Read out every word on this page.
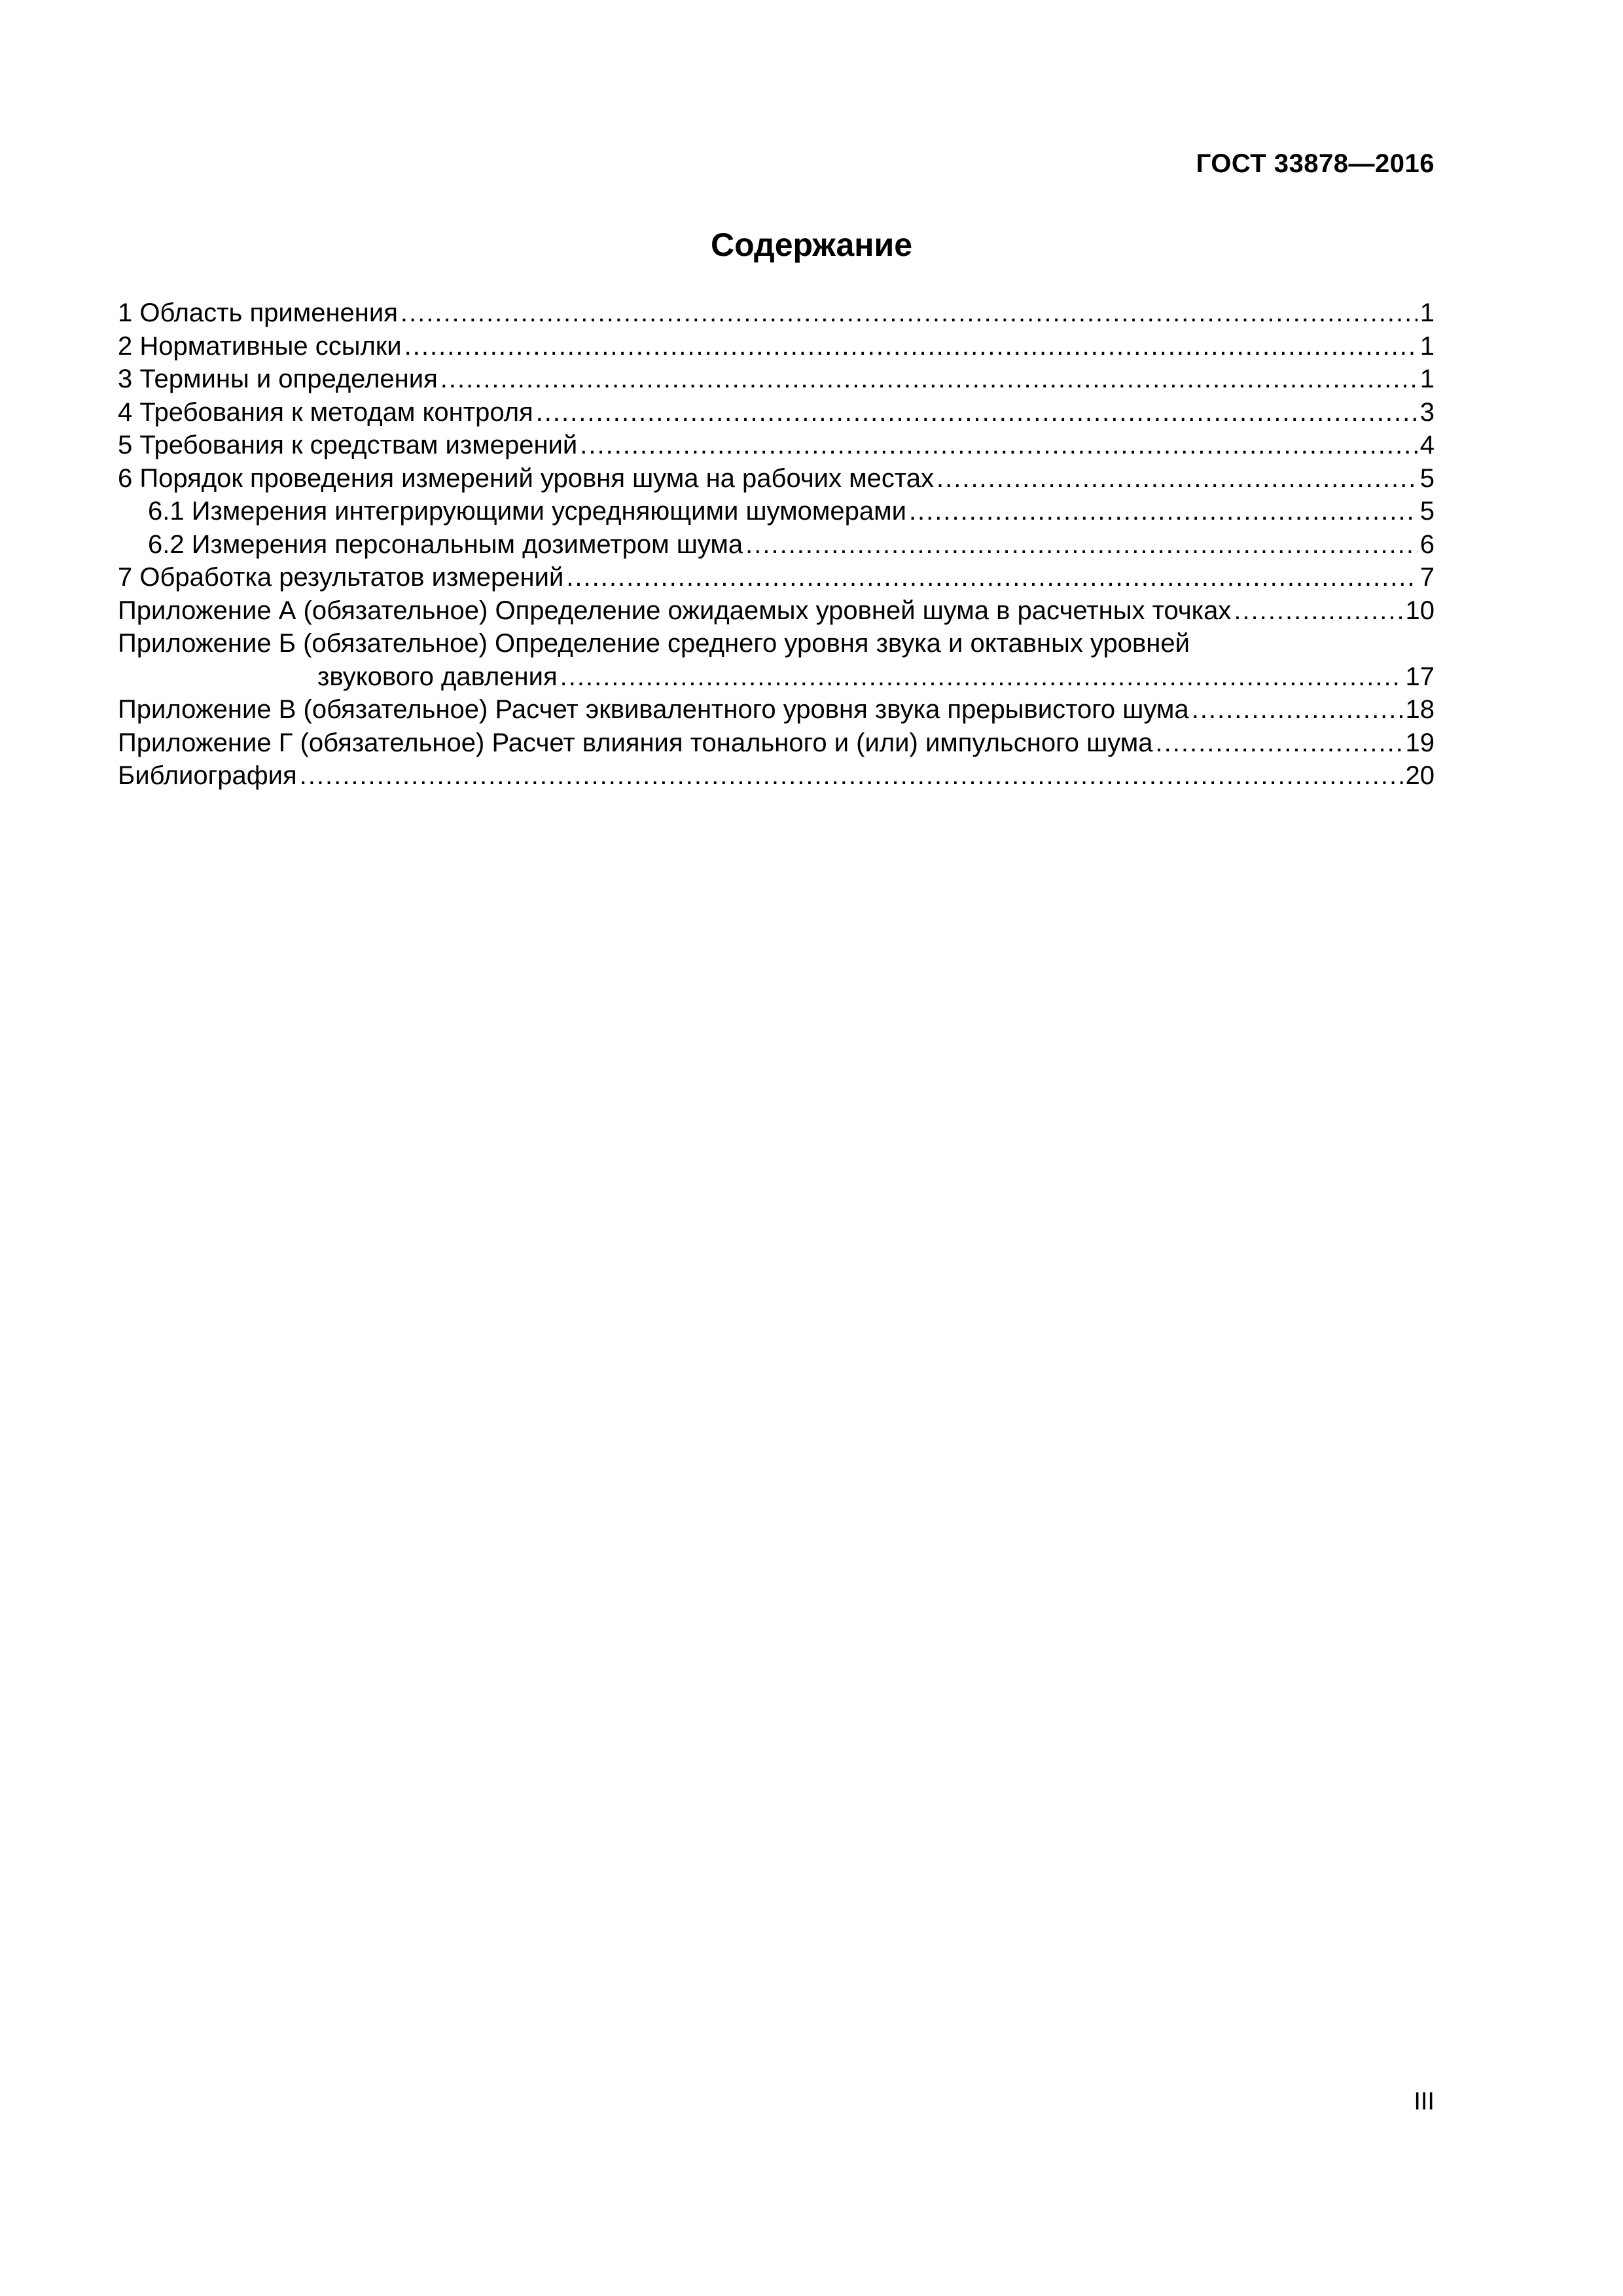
ГОСТ 33878—2016
Содержание
1 Область применения .....	1
2 Нормативные ссылки .....	1
3 Термины и определения .....	1
4 Требования к методам контроля .....	3
5 Требования к средствам измерений .....	4
6 Порядок проведения измерений уровня шума на рабочих местах .....	5
6.1 Измерения интегрирующими усредняющими шумомерами .....	5
6.2 Измерения персональным дозиметром шума .....	6
7 Обработка результатов измерений .....	7
Приложение А (обязательное) Определение ожидаемых уровней шума в расчетных точках .....	10
Приложение Б (обязательное) Определение среднего уровня звука и октавных уровней
звукового давления .....	17
Приложение В (обязательное) Расчет эквивалентного уровня звука прерывистого шума .....	18
Приложение Г (обязательное) Расчет влияния тонального и (или) импульсного шума .....	19
Библиография .....	20
III
